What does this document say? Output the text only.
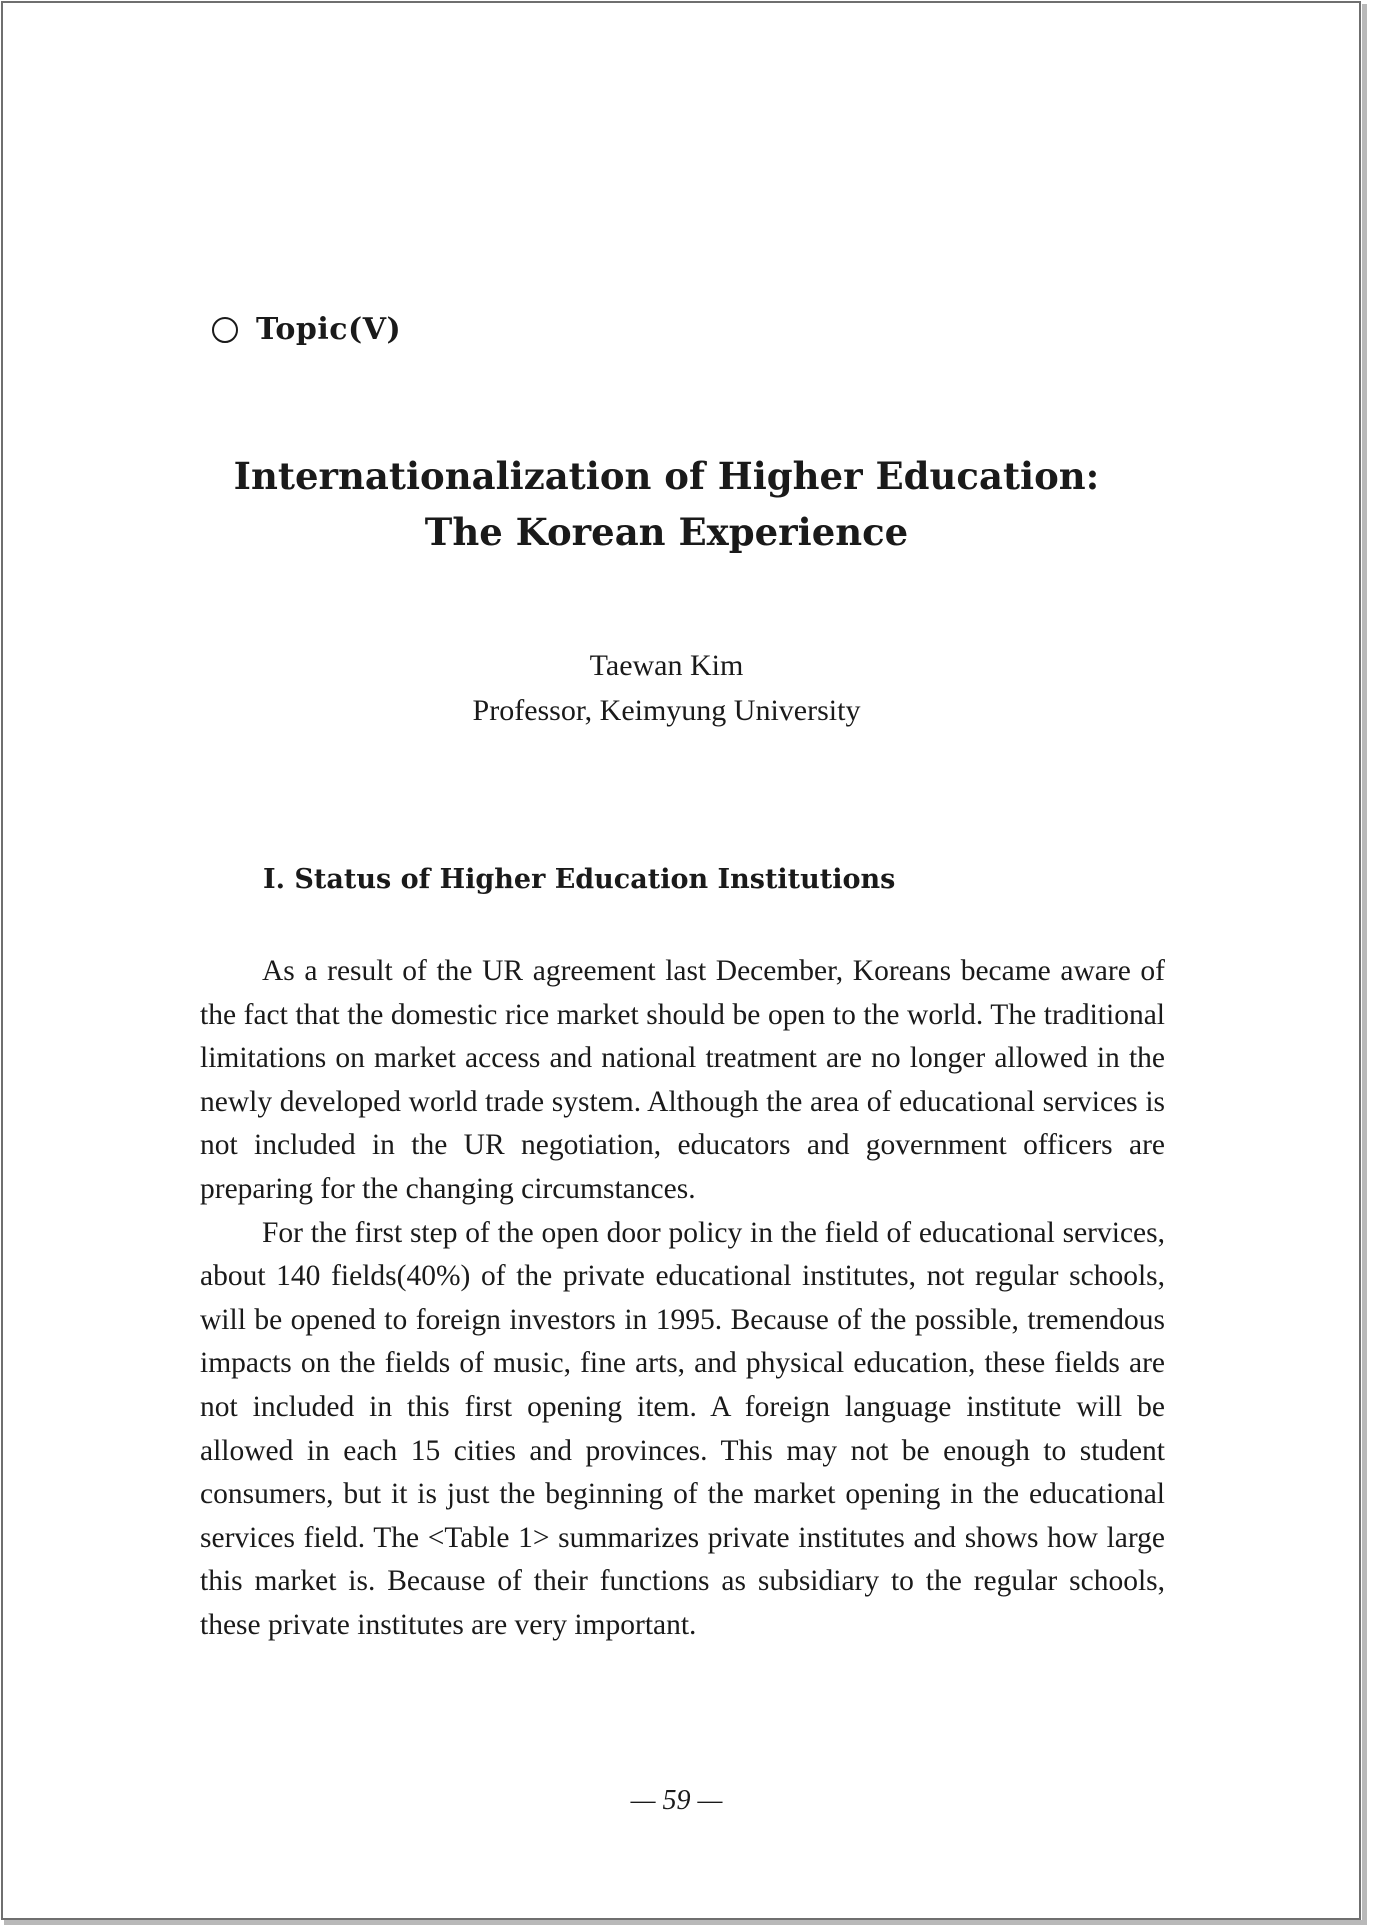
Topic(V)
Internationalization of Higher Education:
The Korean Experience
Taewan Kim
Professor, Keimyung University
I. Status of Higher Education Institutions

As a result of the UR agreement last December, Koreans became aware of the fact that the domestic rice market should be open to the world. The traditional limitations on market access and national treatment are no longer allowed in the newly developed world trade system. Although the area of educational services is not included in the UR negotiation, educators and government officers are preparing for the changing circumstances.

For the first step of the open door policy in the field of educational services, about 140 fields(40%) of the private educational institutes, not regular schools, will be opened to foreign investors in 1995. Because of the possible, tremendous impacts on the fields of music, fine arts, and physical education, these fields are not included in this first opening item. A foreign language institute will be allowed in each 15 cities and provinces. This may not be enough to student consumers, but it is just the beginning of the market opening in the educational services field. The <Table 1> summarizes private institutes and shows how large this market is. Because of their functions as subsidiary to the regular schools, these private institutes are very important.

— 59 —
